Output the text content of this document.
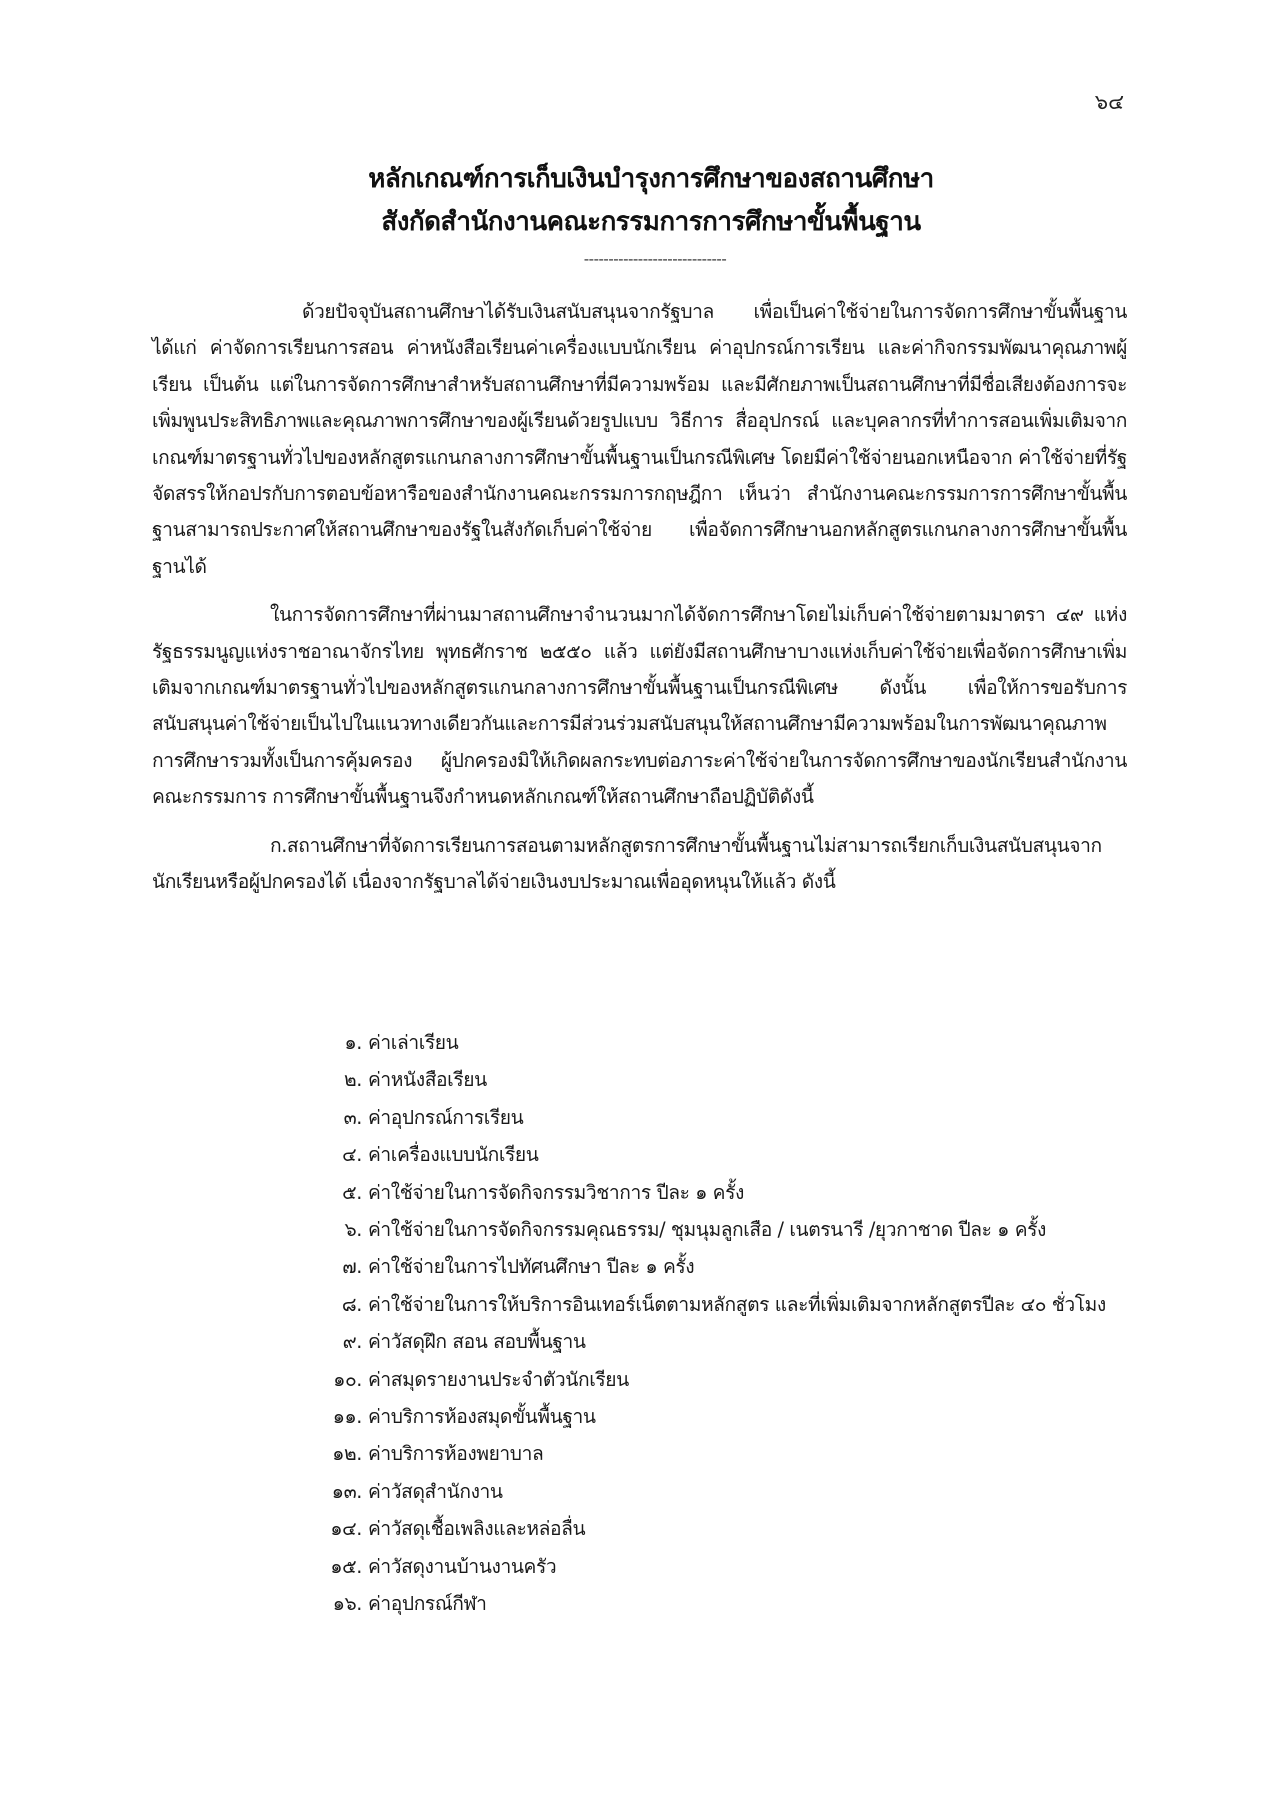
๖๔
หลักเกณฑ์การเก็บเงินบำรุงการศึกษาของสถานศึกษา
สังกัดสำนักงานคณะกรรมการการศึกษาขั้นพื้นฐาน
-----------------------------

ด้วยปัจจุบันสถานศึกษาได้รับเงินสนับสนุนจากรัฐบาล เพื่อเป็นค่าใช้จ่ายในการจัดการศึกษาขั้นพื้นฐาน ได้แก่ ค่าจัดการเรียนการสอน ค่าหนังสือเรียนค่าเครื่องแบบนักเรียน ค่าอุปกรณ์การเรียน และค่ากิจกรรมพัฒนาคุณภาพผู้เรียน เป็นต้น แต่ในการจัดการศึกษาสำหรับสถานศึกษาที่มีความพร้อม และมีศักยภาพเป็นสถานศึกษาที่มีชื่อเสียงต้องการจะเพิ่มพูนประสิทธิภาพและคุณภาพการศึกษาของผู้เรียนด้วยรูปแบบ วิธีการ สื่ออุปกรณ์ และบุคลากรที่ทำการสอนเพิ่มเติมจากเกณฑ์มาตรฐานทั่วไปของหลักสูตรแกนกลางการศึกษาขั้นพื้นฐานเป็นกรณีพิเศษ โดยมีค่าใช้จ่ายนอกเหนือจาก ค่าใช้จ่ายที่รัฐจัดสรรให้กอปรกับการตอบข้อหารือของสำนักงานคณะกรรมการกฤษฎีกา เห็นว่า สำนักงานคณะกรรมการการศึกษาขั้นพื้นฐานสามารถประกาศให้สถานศึกษาของรัฐในสังกัดเก็บค่าใช้จ่าย เพื่อจัดการศึกษานอกหลักสูตรแกนกลางการศึกษาขั้นพื้นฐานได้

ในการจัดการศึกษาที่ผ่านมาสถานศึกษาจำนวนมากได้จัดการศึกษาโดยไม่เก็บค่าใช้จ่ายตามมาตรา ๔๙ แห่งรัฐธรรมนูญแห่งราชอาณาจักรไทย พุทธศักราช ๒๕๕๐ แล้ว แต่ยังมีสถานศึกษาบางแห่งเก็บค่าใช้จ่ายเพื่อจัดการศึกษาเพิ่มเติมจากเกณฑ์มาตรฐานทั่วไปของหลักสูตรแกนกลางการศึกษาขั้นพื้นฐานเป็นกรณีพิเศษ ดังนั้น เพื่อให้การขอรับการสนับสนุนค่าใช้จ่ายเป็นไปในแนวทางเดียวกันและการมีส่วนร่วมสนับสนุนให้สถานศึกษามีความพร้อมในการพัฒนาคุณภาพการศึกษารวมทั้งเป็นการคุ้มครอง ผู้ปกครองมิให้เกิดผลกระทบต่อภาระค่าใช้จ่ายในการจัดการศึกษาของนักเรียนสำนักงานคณะกรรมการ การศึกษาขั้นพื้นฐานจึงกำหนดหลักเกณฑ์ให้สถานศึกษาถือปฏิบัติดังนี้

ก.สถานศึกษาที่จัดการเรียนการสอนตามหลักสูตรการศึกษาขั้นพื้นฐานไม่สามารถเรียกเก็บเงินสนับสนุนจากนักเรียนหรือผู้ปกครองได้ เนื่องจากรัฐบาลได้จ่ายเงินงบประมาณเพื่ออุดหนุนให้แล้ว ดังนี้

๑. ค่าเล่าเรียน
๒. ค่าหนังสือเรียน
๓. ค่าอุปกรณ์การเรียน
๔. ค่าเครื่องแบบนักเรียน
๕. ค่าใช้จ่ายในการจัดกิจกรรมวิชาการ ปีละ ๑ ครั้ง
๖. ค่าใช้จ่ายในการจัดกิจกรรมคุณธรรม/ ชุมนุมลูกเสือ / เนตรนารี /ยุวกาชาด ปีละ ๑ ครั้ง
๗. ค่าใช้จ่ายในการไปทัศนศึกษา ปีละ ๑ ครั้ง
๘. ค่าใช้จ่ายในการให้บริการอินเทอร์เน็ตตามหลักสูตร และที่เพิ่มเติมจากหลักสูตรปีละ ๔๐ ชั่วโมง
๙. ค่าวัสดุฝึก สอน สอบพื้นฐาน
๑๐. ค่าสมุดรายงานประจำตัวนักเรียน
๑๑. ค่าบริการห้องสมุดขั้นพื้นฐาน
๑๒. ค่าบริการห้องพยาบาล
๑๓. ค่าวัสดุสำนักงาน
๑๔. ค่าวัสดุเชื้อเพลิงและหล่อลื่น
๑๕. ค่าวัสดุงานบ้านงานครัว
๑๖. ค่าอุปกรณ์กีฬา
